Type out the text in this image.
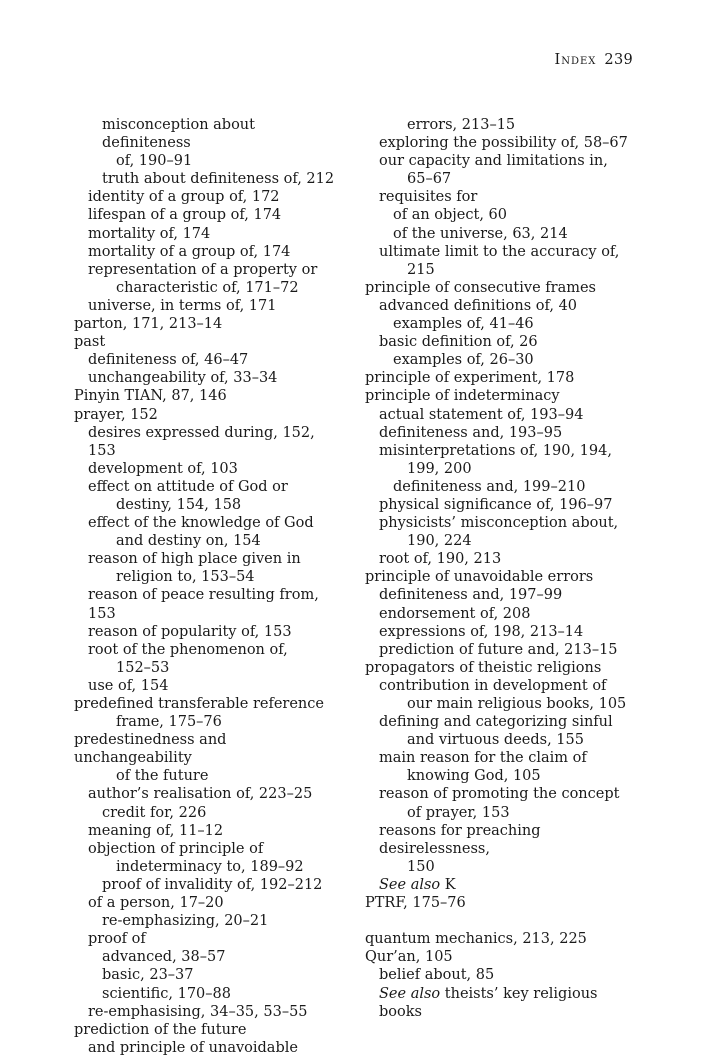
Index 239
misconception about definiteness
of, 190–91
truth about definiteness of, 212
identity of a group of, 172
lifespan of a group of, 174
mortality of, 174
mortality of a group of, 174
representation of a property or
characteristic of, 171–72
universe, in terms of, 171
parton, 171, 213–14
past
definiteness of, 46–47
unchangeability of, 33–34
Pinyin TIAN, 87, 146
prayer, 152
desires expressed during, 152, 153
development of, 103
effect on attitude of God or
destiny, 154, 158
effect of the knowledge of God
and destiny on, 154
reason of high place given in
religion to, 153–54
reason of peace resulting from, 153
reason of popularity of, 153
root of the phenomenon of,
152–53
use of, 154
predefined transferable reference
frame, 175–76
predestinedness and unchangeability
of the future
author’s realisation of, 223–25
credit for, 226
meaning of, 11–12
objection of principle of
indeterminacy to, 189–92
proof of invalidity of, 192–212
of a person, 17–20
re-emphasizing, 20–21
proof of
advanced, 38–57
basic, 23–37
scientific, 170–88
re-emphasising, 34–35, 53–55
prediction of the future
and principle of unavoidable
errors, 213–15
exploring the possibility of, 58–67
our capacity and limitations in,
65–67
requisites for
of an object, 60
of the universe, 63, 214
ultimate limit to the accuracy of,
215
principle of consecutive frames
advanced definitions of, 40
examples of, 41–46
basic definition of, 26
examples of, 26–30
principle of experiment, 178
principle of indeterminacy
actual statement of, 193–94
definiteness and, 193–95
misinterpretations of, 190, 194,
199, 200
definiteness and, 199–210
physical significance of, 196–97
physicists’ misconception about,
190, 224
root of, 190, 213
principle of unavoidable errors
definiteness and, 197–99
endorsement of, 208
expressions of, 198, 213–14
prediction of future and, 213–15
propagators of theistic religions
contribution in development of
our main religious books, 105
defining and categorizing sinful
and virtuous deeds, 155
main reason for the claim of
knowing God, 105
reason of promoting the concept
of prayer, 153
reasons for preaching desirelessness,
150
See also K
PTRF, 175–76
quantum mechanics, 213, 225
Qur’an, 105
belief about, 85
See also theists’ key religious books
